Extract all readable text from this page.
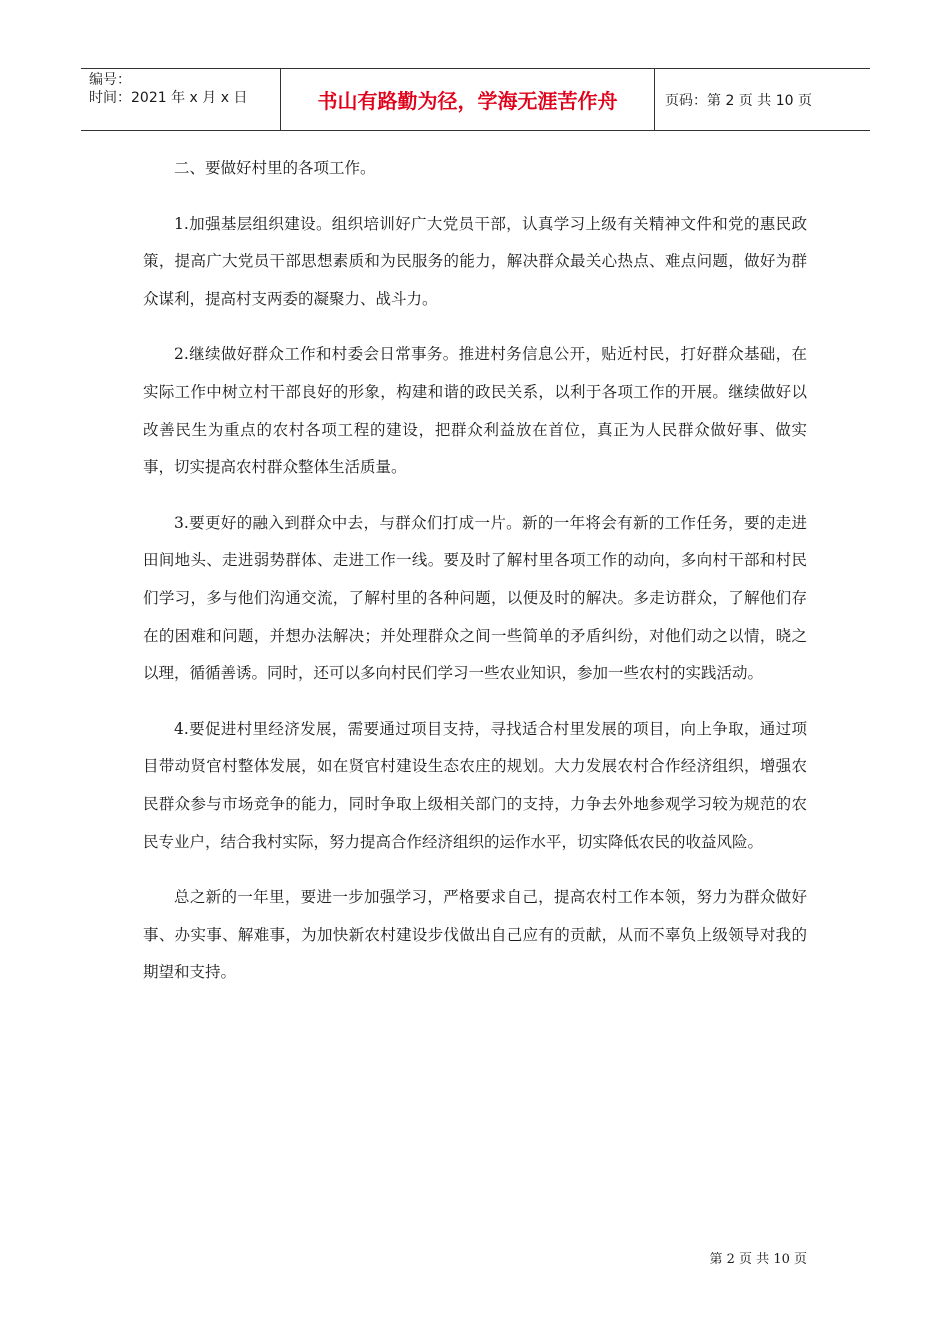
编号：
时间：2021 年 x 月 x 日	书山有路勤为径，学海无涯苦作舟	页码：第 2 页 共 10 页

二、要做好村里的各项工作。

1.加强基层组织建设。组织培训好广大党员干部，认真学习上级有关精神文件和党的惠民政策，提高广大党员干部思想素质和为民服务的能力，解决群众最关心热点、难点问题，做好为群众谋利，提高村支两委的凝聚力、战斗力。

2.继续做好群众工作和村委会日常事务。推进村务信息公开，贴近村民，打好群众基础，在实际工作中树立村干部良好的形象，构建和谐的政民关系，以利于各项工作的开展。继续做好以改善民生为重点的农村各项工程的建设，把群众利益放在首位，真正为人民群众做好事、做实事，切实提高农村群众整体生活质量。

3.要更好的融入到群众中去，与群众们打成一片。新的一年将会有新的工作任务，要的走进田间地头、走进弱势群体、走进工作一线。要及时了解村里各项工作的动向，多向村干部和村民们学习，多与他们沟通交流，了解村里的各种问题，以便及时的解决。多走访群众，了解他们存在的困难和问题，并想办法解决；并处理群众之间一些简单的矛盾纠纷，对他们动之以情，晓之以理，循循善诱。同时，还可以多向村民们学习一些农业知识，参加一些农村的实践活动。

4.要促进村里经济发展，需要通过项目支持，寻找适合村里发展的项目，向上争取，通过项目带动贤官村整体发展，如在贤官村建设生态农庄的规划。大力发展农村合作经济组织，增强农民群众参与市场竞争的能力，同时争取上级相关部门的支持，力争去外地参观学习较为规范的农民专业户，结合我村实际，努力提高合作经济组织的运作水平，切实降低农民的收益风险。

总之新的一年里，要进一步加强学习，严格要求自己，提高农村工作本领，努力为群众做好事、办实事、解难事，为加快新农村建设步伐做出自己应有的贡献，从而不辜负上级领导对我的期望和支持。

第 2 页 共 10 页
